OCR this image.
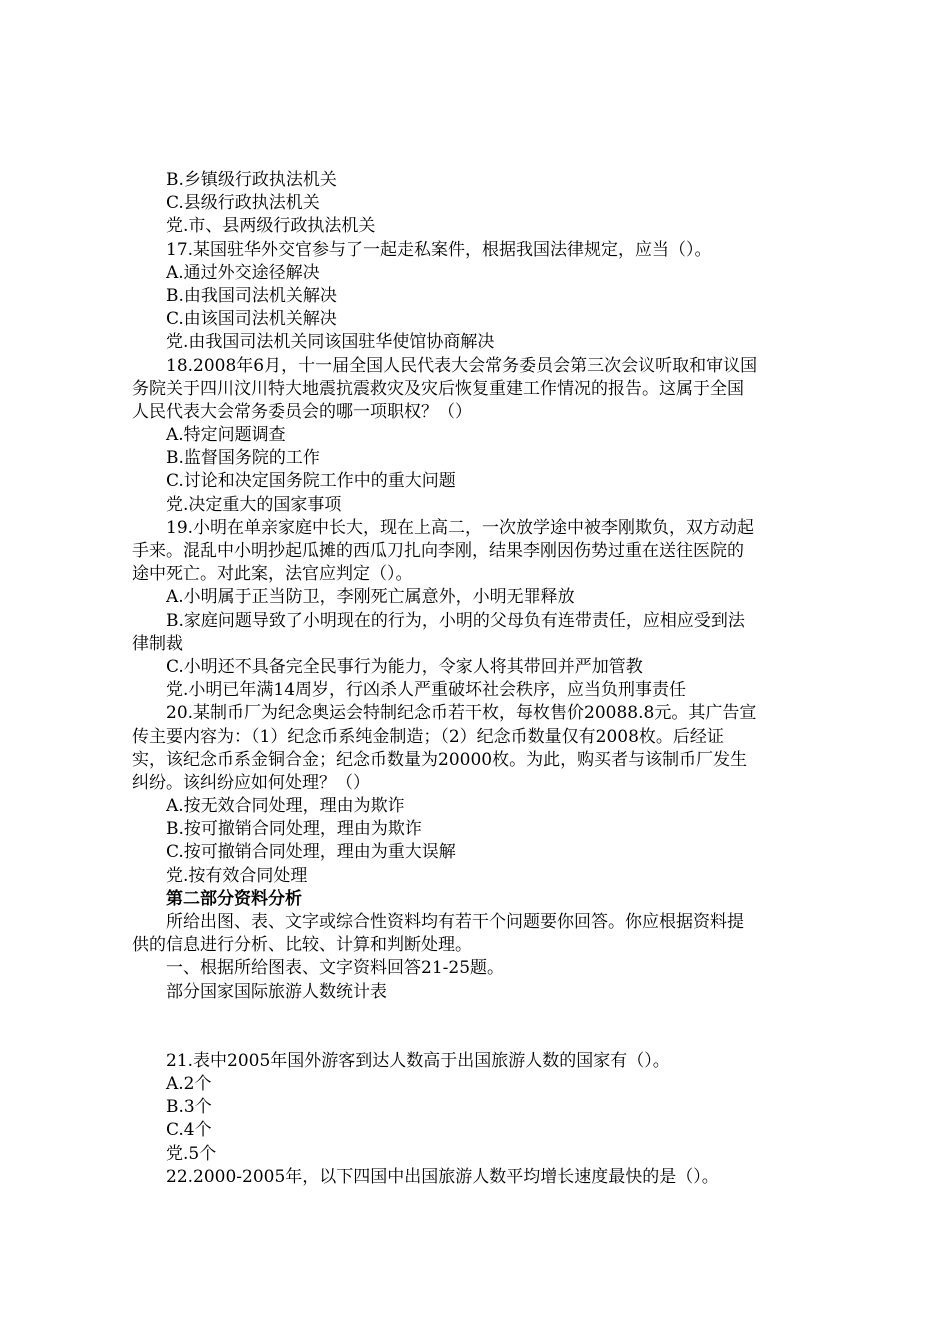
B.乡镇级行政执法机关
C.县级行政执法机关
党.市、县两级行政执法机关
17.某国驻华外交官参与了一起走私案件，根据我国法律规定，应当（）。
A.通过外交途径解决
B.由我国司法机关解决
C.由该国司法机关解决
党.由我国司法机关同该国驻华使馆协商解决
18.2008年6月，十一届全国人民代表大会常务委员会第三次会议听取和审议国
务院关于四川汶川特大地震抗震救灾及灾后恢复重建工作情况的报告。这属于全国
人民代表大会常务委员会的哪一项职权？（）
A.特定问题调查
B.监督国务院的工作
C.讨论和决定国务院工作中的重大问题
党.决定重大的国家事项
19.小明在单亲家庭中长大，现在上高二，一次放学途中被李刚欺负，双方动起
手来。混乱中小明抄起瓜摊的西瓜刀扎向李刚，结果李刚因伤势过重在送往医院的
途中死亡。对此案，法官应判定（）。
A.小明属于正当防卫，李刚死亡属意外，小明无罪释放
B.家庭问题导致了小明现在的行为，小明的父母负有连带责任，应相应受到法
律制裁
C.小明还不具备完全民事行为能力，令家人将其带回并严加管教
党.小明已年满14周岁，行凶杀人严重破坏社会秩序，应当负刑事责任
20.某制币厂为纪念奥运会特制纪念币若干枚，每枚售价20088.8元。其广告宣
传主要内容为：（1）纪念币系纯金制造；（2）纪念币数量仅有2008枚。后经证
实，该纪念币系金铜合金；纪念币数量为20000枚。为此，购买者与该制币厂发生
纠纷。该纠纷应如何处理？（）
A.按无效合同处理，理由为欺诈
B.按可撤销合同处理，理由为欺诈
C.按可撤销合同处理，理由为重大误解
党.按有效合同处理
第二部分资料分析
所给出图、表、文字或综合性资料均有若干个问题要你回答。你应根据资料提
供的信息进行分析、比较、计算和判断处理。
一、根据所给图表、文字资料回答21-25题。
部分国家国际旅游人数统计表
21.表中2005年国外游客到达人数高于出国旅游人数的国家有（）。
A.2个
B.3个
C.4个
党.5个
22.2000-2005年，以下四国中出国旅游人数平均增长速度最快的是（）。
